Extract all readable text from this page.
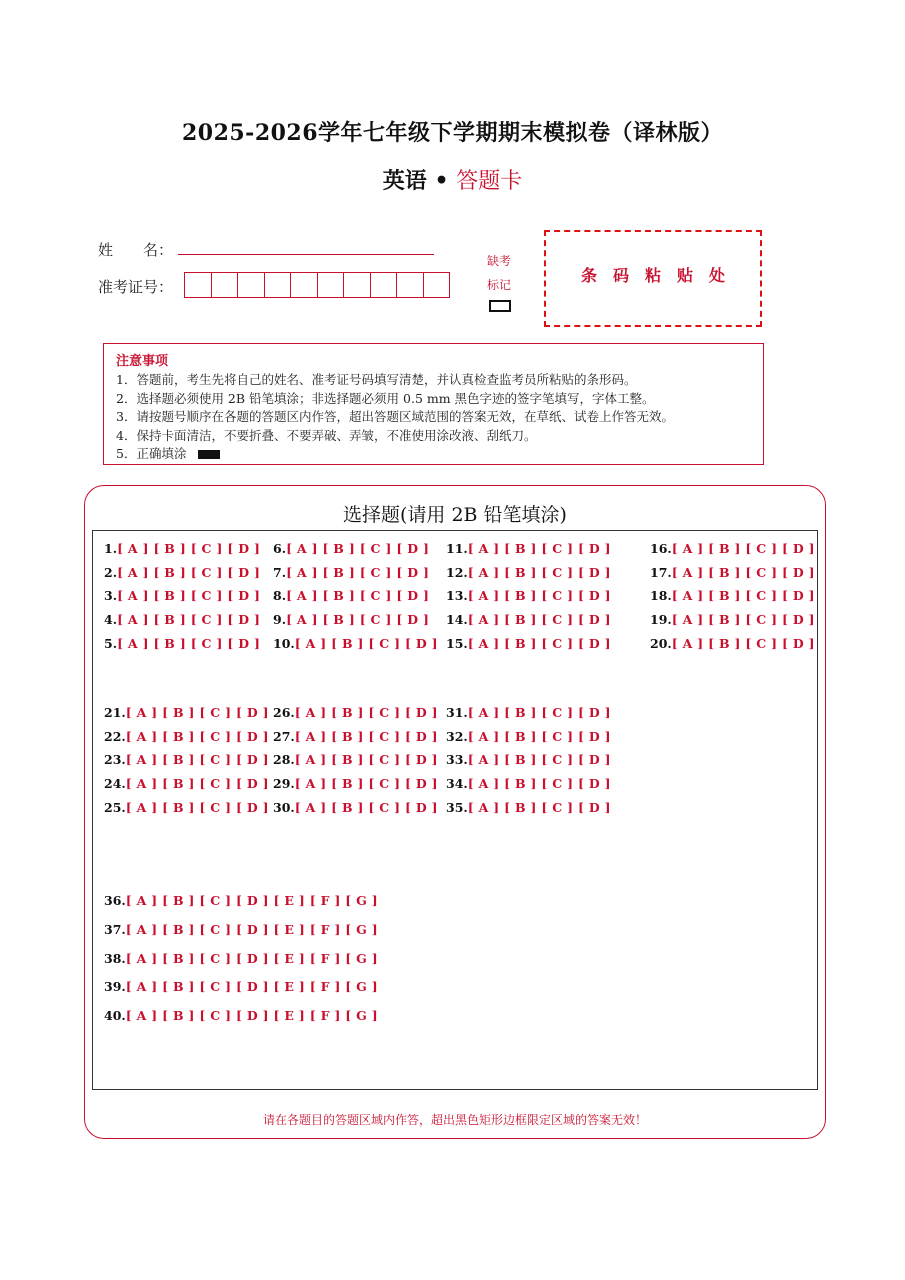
2025-2026学年七年级下学期期末模拟卷（译林版）
英语 • 答题卡
姓　　名：
准考证号：
缺考
标记	条码粘贴处
注意事项
1．答题前，考生先将自己的姓名、准考证号码填写清楚，并认真检查监考员所粘贴的条形码。
2．选择题必须使用 2B 铅笔填涂；非选择题必须用 0.5 mm 黑色字迹的签字笔填写，字体工整。
3．请按题号顺序在各题的答题区内作答，超出答题区域范围的答案无效，在草纸、试卷上作答无效。
4．保持卡面清洁，不要折叠、不要弄破、弄皱，不准使用涂改液、刮纸刀。
5．正确填涂
选择题(请用 2B 铅笔填涂)
1.[ A ] [ B ] [ C ] [ D ]
2.[ A ] [ B ] [ C ] [ D ]
3.[ A ] [ B ] [ C ] [ D ]
4.[ A ] [ B ] [ C ] [ D ]
5.[ A ] [ B ] [ C ] [ D ]
6.[ A ] [ B ] [ C ] [ D ]
7.[ A ] [ B ] [ C ] [ D ]
8.[ A ] [ B ] [ C ] [ D ]
9.[ A ] [ B ] [ C ] [ D ]
10.[ A ] [ B ] [ C ] [ D ]
11.[ A ] [ B ] [ C ] [ D ]
12.[ A ] [ B ] [ C ] [ D ]
13.[ A ] [ B ] [ C ] [ D ]
14.[ A ] [ B ] [ C ] [ D ]
15.[ A ] [ B ] [ C ] [ D ]
16.[ A ] [ B ] [ C ] [ D ]
17.[ A ] [ B ] [ C ] [ D ]
18.[ A ] [ B ] [ C ] [ D ]
19.[ A ] [ B ] [ C ] [ D ]
20.[ A ] [ B ] [ C ] [ D ]
21.[ A ] [ B ] [ C ] [ D ]
22.[ A ] [ B ] [ C ] [ D ]
23.[ A ] [ B ] [ C ] [ D ]
24.[ A ] [ B ] [ C ] [ D ]
25.[ A ] [ B ] [ C ] [ D ]
26.[ A ] [ B ] [ C ] [ D ]
27.[ A ] [ B ] [ C ] [ D ]
28.[ A ] [ B ] [ C ] [ D ]
29.[ A ] [ B ] [ C ] [ D ]
30.[ A ] [ B ] [ C ] [ D ]
31.[ A ] [ B ] [ C ] [ D ]
32.[ A ] [ B ] [ C ] [ D ]
33.[ A ] [ B ] [ C ] [ D ]
34.[ A ] [ B ] [ C ] [ D ]
35.[ A ] [ B ] [ C ] [ D ]
36.[ A ] [ B ] [ C ] [ D ] [ E ] [ F ] [ G ]
37.[ A ] [ B ] [ C ] [ D ] [ E ] [ F ] [ G ]
38.[ A ] [ B ] [ C ] [ D ] [ E ] [ F ] [ G ]
39.[ A ] [ B ] [ C ] [ D ] [ E ] [ F ] [ G ]
40.[ A ] [ B ] [ C ] [ D ] [ E ] [ F ] [ G ]
请在各题目的答题区域内作答，超出黑色矩形边框限定区域的答案无效！
